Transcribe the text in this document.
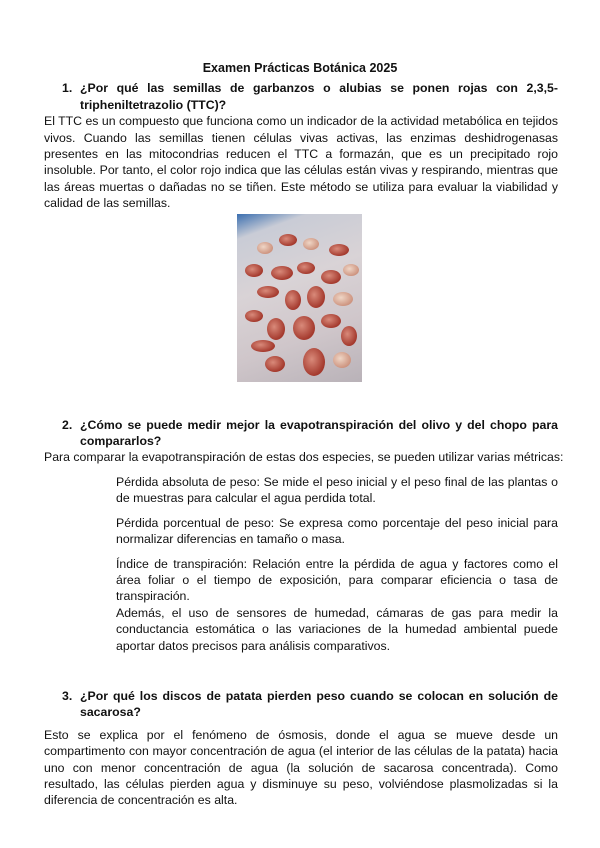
Examen Prácticas Botánica 2025
1. ¿Por qué las semillas de garbanzos o alubias se ponen rojas con 2,3,5-tripheniltetrazolio (TTC)?
El TTC es un compuesto que funciona como un indicador de la actividad metabólica en tejidos vivos. Cuando las semillas tienen células vivas activas, las enzimas deshidrogenasas presentes en las mitocondrias reducen el TTC a formazán, que es un precipitado rojo insoluble. Por tanto, el color rojo indica que las células están vivas y respirando, mientras que las áreas muertas o dañadas no se tiñen. Este método se utiliza para evaluar la viabilidad y calidad de las semillas.
2. ¿Cómo se puede medir mejor la evapotranspiración del olivo y del chopo para compararlos?
Para comparar la evapotranspiración de estas dos especies, se pueden utilizar varias métricas:
Pérdida absoluta de peso: Se mide el peso inicial y el peso final de las plantas o de muestras para calcular el agua perdida total.
Pérdida porcentual de peso: Se expresa como porcentaje del peso inicial para normalizar diferencias en tamaño o masa.
Índice de transpiración: Relación entre la pérdida de agua y factores como el área foliar o el tiempo de exposición, para comparar eficiencia o tasa de transpiración.
Además, el uso de sensores de humedad, cámaras de gas para medir la conductancia estomática o las variaciones de la humedad ambiental puede aportar datos precisos para análisis comparativos.
3. ¿Por qué los discos de patata pierden peso cuando se colocan en solución de sacarosa?
Esto se explica por el fenómeno de ósmosis, donde el agua se mueve desde un compartimento con mayor concentración de agua (el interior de las células de la patata) hacia uno con menor concentración de agua (la solución de sacarosa concentrada). Como resultado, las células pierden agua y disminuye su peso, volviéndose plasmolizadas si la diferencia de concentración es alta.
